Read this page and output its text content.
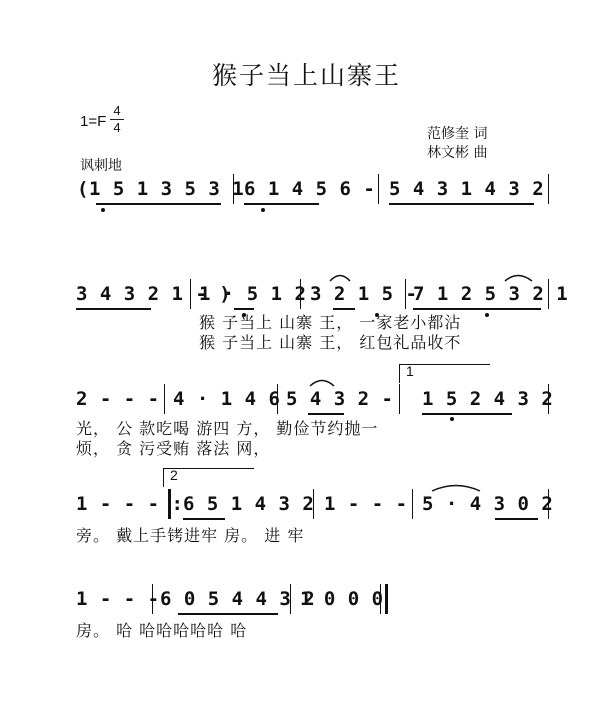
猴子当上山寨王
1=F
4
4	范修奎 词
林文彬 曲
讽刺地
(1 5 1 3 5 3 1 6 1 4 5 6 - 5 4 3 1 4 3 2
3 4 3 2 1 - )
1 · 5 1 2 3 2 1 5 -
7 1 2 5 3 2 1
猴 子当上 山寨 王， 一家老小都沾
猴 子当上 山寨 王， 红包礼品收不
1
2 - - - 4 · 1 4 6 5 4 3 2 - 1 5 2 4 3 2
光， 公 款吃喝 游四 方， 勤俭节约抛一
烦， 贪 污受贿 落法 网，
2
1 - - - : 6 5 1 4 3 2 1 - - - 5 · 4 3 0 2
旁。 戴上手铐进牢 房。 进 牢
1 - - - 6 0 5 4 4 3 2
1 0 0 0
房。 哈 哈哈哈哈哈 哈
